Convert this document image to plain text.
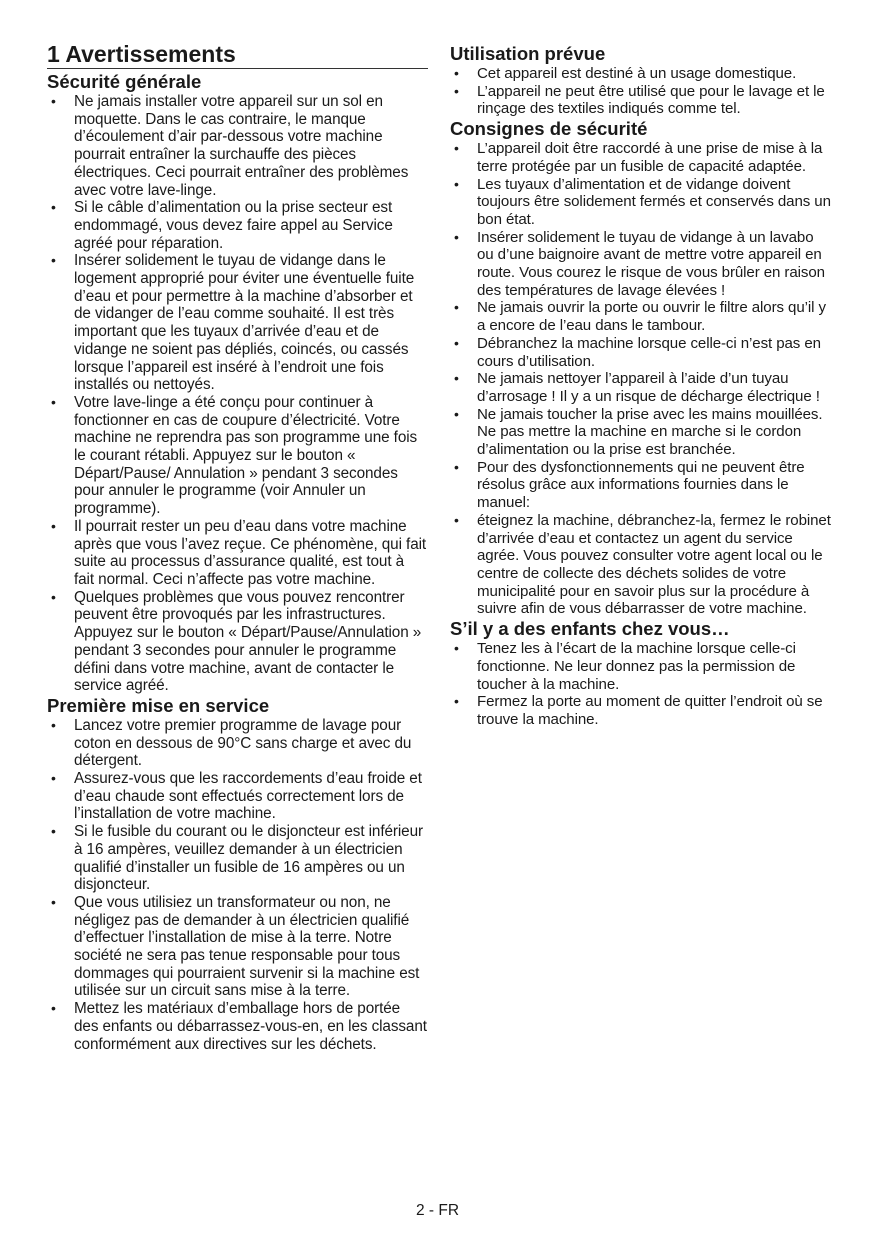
1 Avertissements
Sécurité générale
• Ne jamais installer votre appareil sur un sol en moquette. Dans le cas contraire, le manque d’écoulement d’air par-dessous votre machine pourrait entraîner la surchauffe des pièces électriques. Ceci pourrait entraîner des problèmes avec votre lave-linge.
• Si le câble d’alimentation ou la prise secteur est endommagé, vous devez faire appel au Service agréé pour réparation.
• Insérer solidement le tuyau de vidange dans le logement approprié pour éviter une éventuelle fuite d’eau et pour permettre à la machine d’absorber et de vidanger de l’eau comme souhaité. Il est très important que les tuyaux d’arrivée d’eau et de vidange ne soient pas dépliés, coincés, ou cassés lorsque l’appareil est inséré à l’endroit une fois installés ou nettoyés.
• Votre lave-linge a été conçu pour continuer à fonctionner en cas de coupure d’électricité. Votre machine ne reprendra pas son programme une fois le courant rétabli. Appuyez sur le bouton « Départ/Pause/ Annulation » pendant 3 secondes pour annuler le programme (voir Annuler un programme).
• Il pourrait rester un peu d’eau dans votre machine après que vous l’avez reçue. Ce phénomène, qui fait suite au processus d’assurance qualité, est tout à fait normal. Ceci n’affecte pas votre machine.
• Quelques problèmes que vous pouvez rencontrer peuvent être provoqués par les infrastructures. Appuyez sur le bouton « Départ/Pause/Annulation » pendant 3 secondes pour annuler le programme défini dans votre machine, avant de contacter le service agréé.
Première mise en service
• Lancez votre premier programme de lavage pour coton en dessous de 90°C sans charge et avec du détergent.
• Assurez-vous que les raccordements d’eau froide et d’eau chaude sont effectués correctement lors de l’installation de votre machine.
• Si le fusible du courant ou le disjoncteur est inférieur à 16 ampères, veuillez demander à un électricien qualifié d’installer un fusible de 16 ampères ou un disjoncteur.
• Que vous utilisiez un transformateur ou non, ne négligez pas de demander à un électricien qualifié d’effectuer l’installation de mise à la terre. Notre société ne sera pas tenue responsable pour tous dommages qui pourraient survenir si la machine est utilisée sur un circuit sans mise à la terre.
• Mettez les matériaux d’emballage hors de portée des enfants ou débarrassez-vous-en, en les classant conformément aux directives sur les déchets.
Utilisation prévue
• Cet appareil est destiné à un usage domestique.
• L’appareil ne peut être utilisé que pour le lavage et le rinçage des textiles indiqués comme tel.
Consignes de sécurité
• L’appareil doit être raccordé à une prise de mise à la terre protégée par un fusible de capacité adaptée.
• Les tuyaux d’alimentation et de vidange doivent toujours être solidement fermés et conservés dans un bon état.
• Insérer solidement le tuyau de vidange à un lavabo ou d’une baignoire avant de mettre votre appareil en route. Vous courez le risque de vous brûler en raison des températures de lavage élevées !
• Ne jamais ouvrir la porte ou ouvrir le filtre alors qu’il y a encore de l’eau dans le tambour.
• Débranchez la machine lorsque celle-ci n’est pas en cours d’utilisation.
• Ne jamais nettoyer l’appareil à l’aide d’un tuyau d’arrosage ! Il y a un risque de décharge électrique !
• Ne jamais toucher la prise avec les mains mouillées. Ne pas mettre la machine en marche si le cordon d’alimentation ou la prise est branchée.
• Pour des dysfonctionnements qui ne peuvent être résolus grâce aux informations fournies dans le manuel:
• éteignez la machine, débranchez-la, fermez le robinet d’arrivée d’eau et contactez un agent du service agrée. Vous pouvez consulter votre agent local ou le centre de collecte des déchets solides de votre municipalité pour en savoir plus sur la procédure à suivre afin de vous débarrasser de votre machine.
S’il y a des enfants chez vous…
• Tenez les à l’écart de la machine lorsque celle-ci fonctionne. Ne leur donnez pas la permission de toucher à la machine.
• Fermez la porte au moment de quitter l’endroit où se trouve la machine.
2 - FR
